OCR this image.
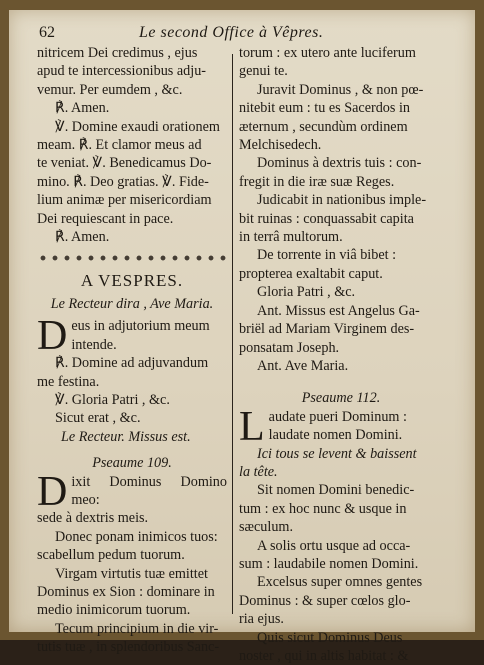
62	Le second Office à Vêpres.
nitricem Dei credimus , ejus
apud te intercessionibus adju-
vemur. Per eumdem , &c.
℟. Amen.
℣. Domine exaudi orationem
meam. ℟. Et clamor meus ad
te veniat. ℣. Benedicamus Do-
mino. ℟. Deo gratias. ℣. Fide-
lium animæ per misericordiam
Dei requiescant in pace.
℟. Amen.
A VESPRES.
Le Recteur dira , Ave Maria.
D eus in adjutorium meum
intende.
℟. Domine ad adjuvandum
me festina.
℣. Gloria Patri , &c.
Sicut erat , &c.
Le Recteur. Missus est.
Pseaume 109.
D ixit Dominus Domino meo:
sede à dextris meis.
Donec ponam inimicos tuos:
scabellum pedum tuorum.
Virgam virtutis tuæ emittet
Dominus ex Sion : dominare in
medio inimicorum tuorum.
Tecum principium in die vir-
tutis tuæ , in splendoribus Sanc-
torum : ex utero ante luciferum
genui te.
Juravit Dominus , & non pœ-
nitebit eum : tu es Sacerdos in
æternum , secundùm ordinem
Melchisedech.
Dominus à dextris tuis : con-
fregit in die iræ suæ Reges.
Judicabit in nationibus imple-
bit ruinas : conquassabit capita
in terrâ multorum.
De torrente in viâ bibet :
propterea exaltabit caput.
Gloria Patri , &c.
Ant. Missus est Angelus Ga-
briël ad Mariam Virginem des-
ponsatam Joseph.
Ant. Ave Maria.
Pseaume 112.
L audate pueri Dominum :
laudate nomen Domini.
Ici tous se levent & baissent
la tête.
Sit nomen Domini benedic-
tum : ex hoc nunc & usque in
sæculum.
A solis ortu usque ad occa-
sum : laudabile nomen Domini.
Excelsus super omnes gentes
Dominus : & super cœlos glo-
ria ejus.
Quis sicut Dominus Deus
noster , qui in altis habitat : &
